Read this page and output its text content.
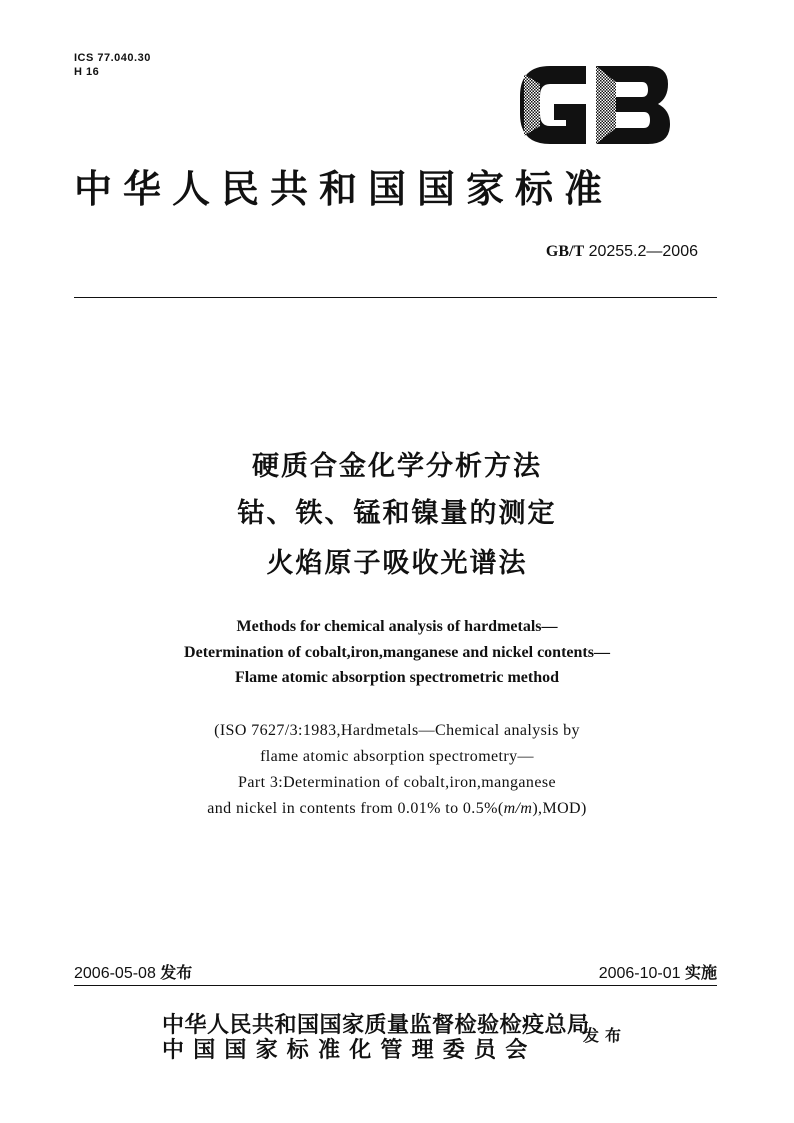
ICS 77.040.30
H 16
中华人民共和国国家标准
GB/T 20255.2—2006
硬质合金化学分析方法
钴、铁、锰和镍量的测定
火焰原子吸收光谱法
Methods for chemical analysis of hardmetals—
Determination of cobalt,iron,manganese and nickel contents—
Flame atomic absorption spectrometric method
(ISO 7627/3:1983,Hardmetals—Chemical analysis by
flame atomic absorption spectrometry—
Part 3:Determination of cobalt,iron,manganese
and nickel in contents from 0.01% to 0.5%(m/m),MOD)
2006-05-08 发布	2006-10-01 实施
中华人民共和国国家质量监督检验检疫总局
中国国家标准化管理委员会
发布
